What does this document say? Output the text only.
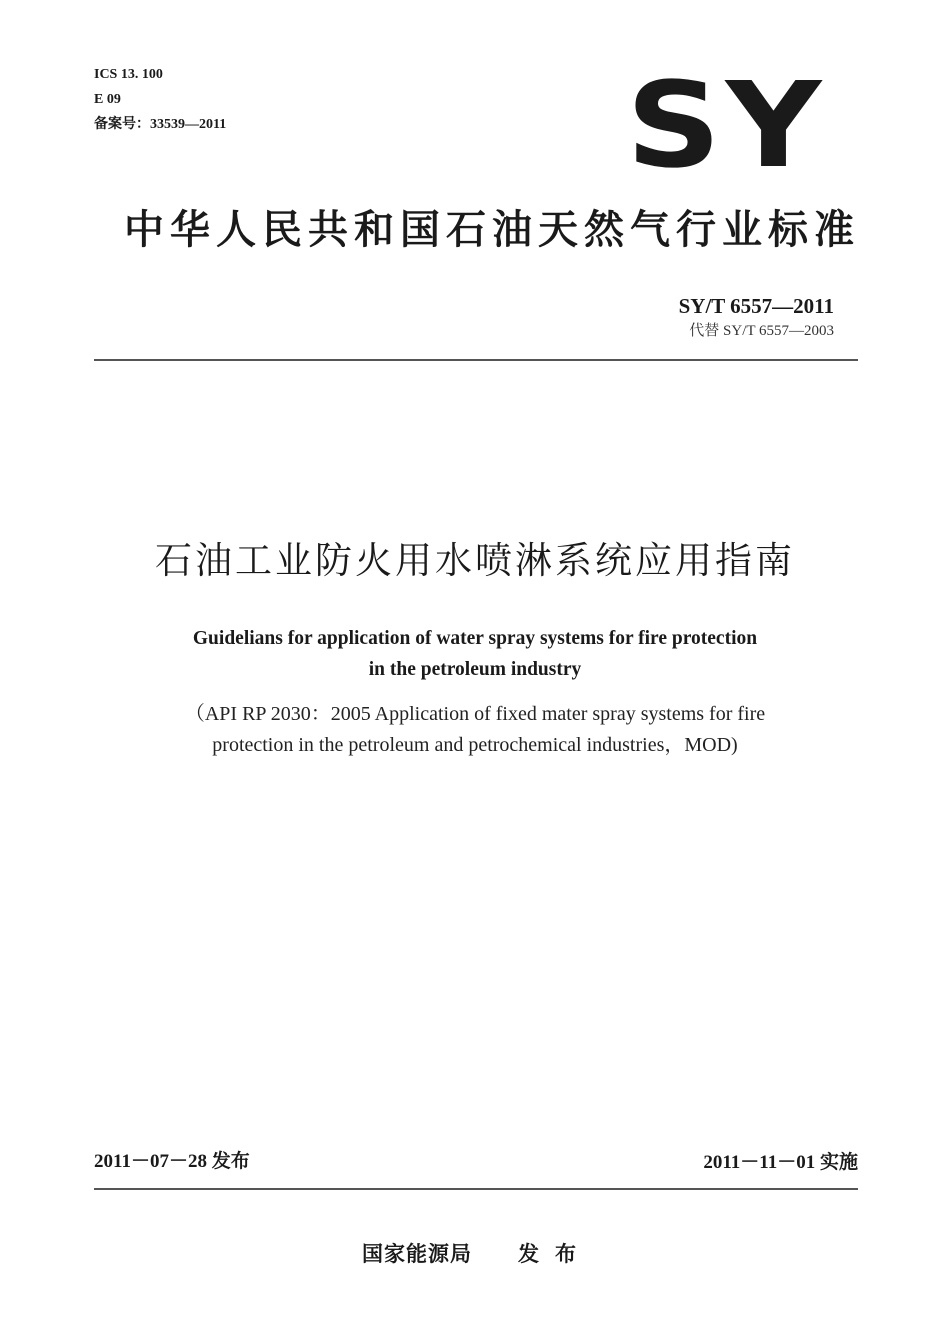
ICS 13. 100
E 09
备案号：33539—2011	SY
中华人民共和国石油天然气行业标准
SY/T 6557—2011
代替 SY/T 6557—2003
石油工业防火用水喷淋系统应用指南
Guidelians for application of water spray systems for fire protection
in the petroleum industry
（API RP 2030：2005 Application of fixed mater spray systems for fire
protection in the petroleum and petrochemical industries，MOD)
2011－07－28 发布	2011－11－01 实施
国家能源局 发布
